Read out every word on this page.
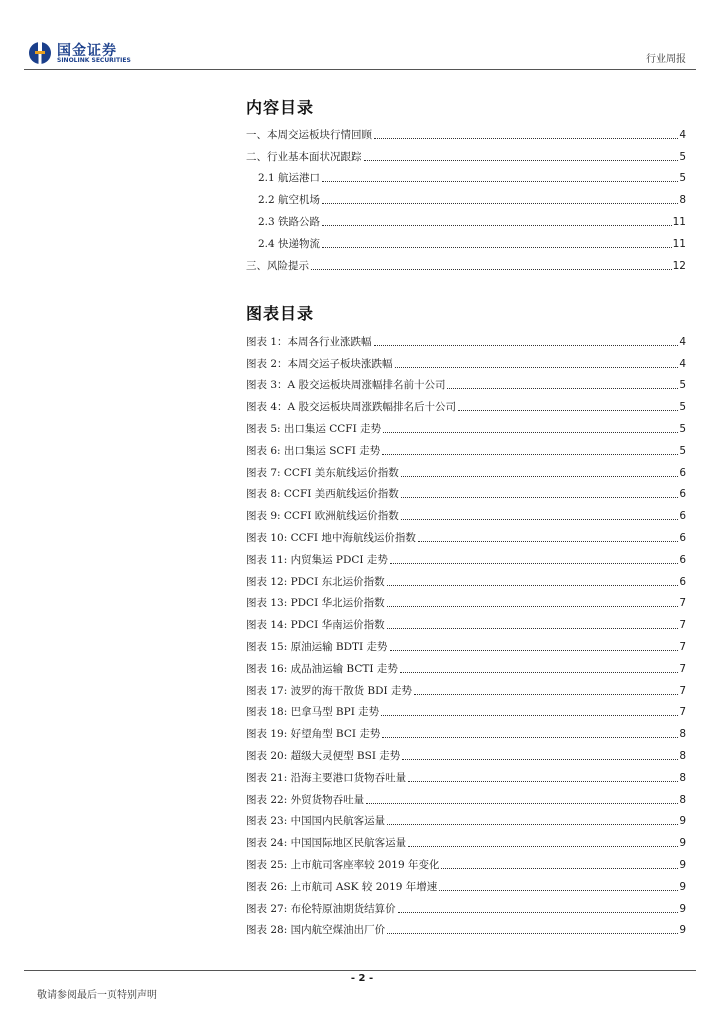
国金证券
SINOLINK SECURITIES	行业周报
内容目录
一、本周交运板块行情回顾	4
二、行业基本面状况跟踪	5
2.1 航运港口	5
2.2 航空机场	8
2.3 铁路公路	11
2.4 快递物流	11
三、风险提示	12
图表目录
图表 1：本周各行业涨跌幅	4
图表 2：本周交运子板块涨跌幅	4
图表 3：A 股交运板块周涨幅排名前十公司	5
图表 4：A 股交运板块周涨跌幅排名后十公司	5
图表 5: 出口集运 CCFI 走势	5
图表 6: 出口集运 SCFI 走势	5
图表 7: CCFI 美东航线运价指数	6
图表 8: CCFI 美西航线运价指数	6
图表 9: CCFI 欧洲航线运价指数	6
图表 10: CCFI 地中海航线运价指数	6
图表 11: 内贸集运 PDCI 走势	6
图表 12: PDCI 东北运价指数	6
图表 13: PDCI 华北运价指数	7
图表 14: PDCI 华南运价指数	7
图表 15: 原油运输 BDTI 走势	7
图表 16: 成品油运输 BCTI 走势	7
图表 17: 波罗的海干散货 BDI 走势	7
图表 18: 巴拿马型 BPI 走势	7
图表 19: 好望角型 BCI 走势	8
图表 20: 超级大灵便型 BSI 走势	8
图表 21: 沿海主要港口货物吞吐量	8
图表 22: 外贸货物吞吐量	8
图表 23: 中国国内民航客运量	9
图表 24: 中国国际地区民航客运量	9
图表 25: 上市航司客座率较 2019 年变化	9
图表 26: 上市航司 ASK 较 2019 年增速	9
图表 27: 布伦特原油期货结算价	9
图表 28: 国内航空煤油出厂价	9
- 2 -
敬请参阅最后一页特别声明
